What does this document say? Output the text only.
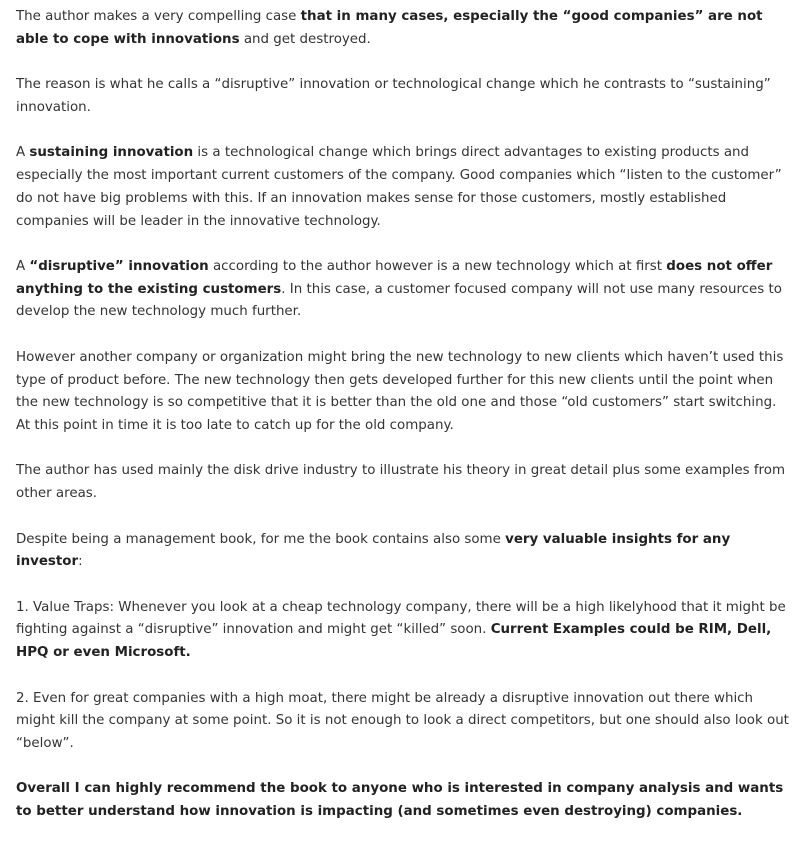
The author makes a very compelling case that in many cases, especially the “good companies” are not able to cope with innovations and get destroyed.

The reason is what he calls a “disruptive” innovation or technological change which he contrasts to “sustaining” innovation.

A sustaining innovation is a technological change which brings direct advantages to existing products and especially the most important current customers of the company. Good companies which “listen to the customer” do not have big problems with this. If an innovation makes sense for those customers, mostly established companies will be leader in the innovative technology.

A “disruptive” innovation according to the author however is a new technology which at first does not offer anything to the existing customers. In this case, a customer focused company will not use many resources to develop the new technology much further.

However another company or organization might bring the new technology to new clients which haven’t used this type of product before. The new technology then gets developed further for this new clients until the point when the new technology is so competitive that it is better than the old one and those “old customers” start switching. At this point in time it is too late to catch up for the old company.

The author has used mainly the disk drive industry to illustrate his theory in great detail plus some examples from other areas.

Despite being a management book, for me the book contains also some very valuable insights for any investor:

1. Value Traps: Whenever you look at a cheap technology company, there will be a high likelyhood that it might be fighting against a “disruptive” innovation and might get “killed” soon. Current Examples could be RIM, Dell, HPQ or even Microsoft.

2. Even for great companies with a high moat, there might be already a disruptive innovation out there which might kill the company at some point. So it is not enough to look a direct competitors, but one should also look out “below”.

Overall I can highly recommend the book to anyone who is interested in company analysis and wants to better understand how innovation is impacting (and sometimes even destroying) companies.
